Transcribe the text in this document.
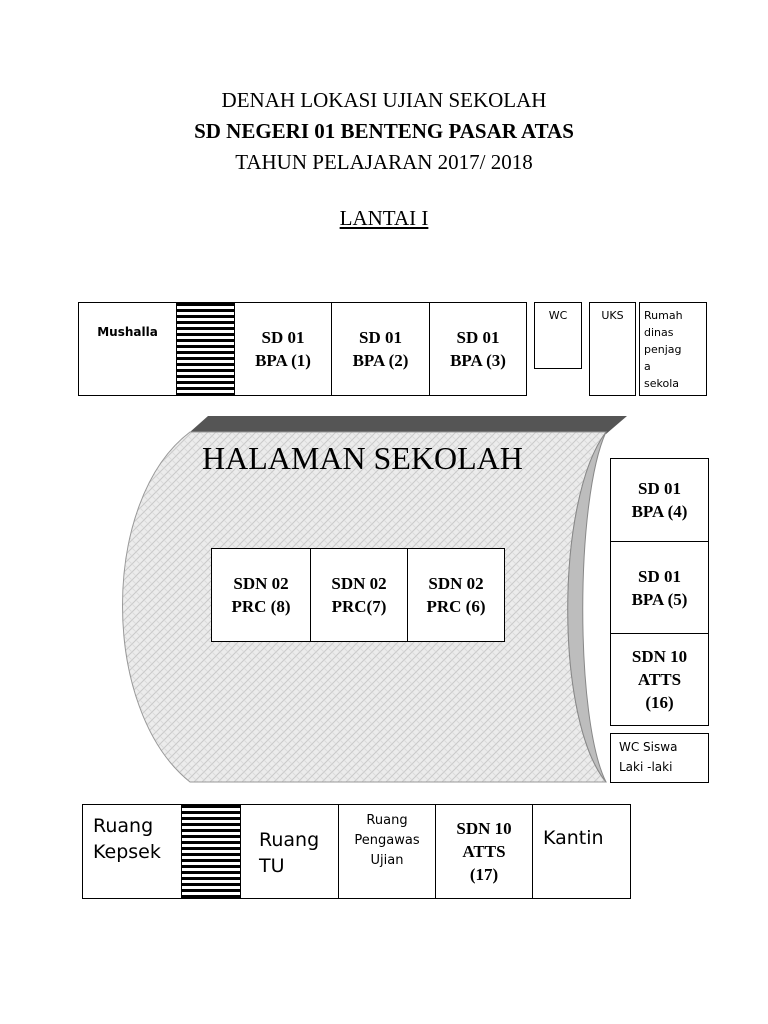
DENAH LOKASI UJIAN SEKOLAH
SD NEGERI 01 BENTENG PASAR ATAS
TAHUN PELAJARAN 2017/ 2018
LANTAI I
HALAMAN SEKOLAH
Mushalla	SD 01
BPA (1)
SD 01
BPA (2)
SD 01
BPA (3)
WC	UKS	Rumah
dinas
penjag
a
sekola
SDN 02
PRC (8)
SDN 02
PRC(7)
SDN 02
PRC (6)
SD 01
BPA (4)
SD 01
BPA (5)
SDN 10
ATTS
(16)
WC Siswa
Laki -laki
Ruang
Kepsek
Ruang
TU
Ruang
Pengawas
Ujian
SDN 10
ATTS
(17)
Kantin
